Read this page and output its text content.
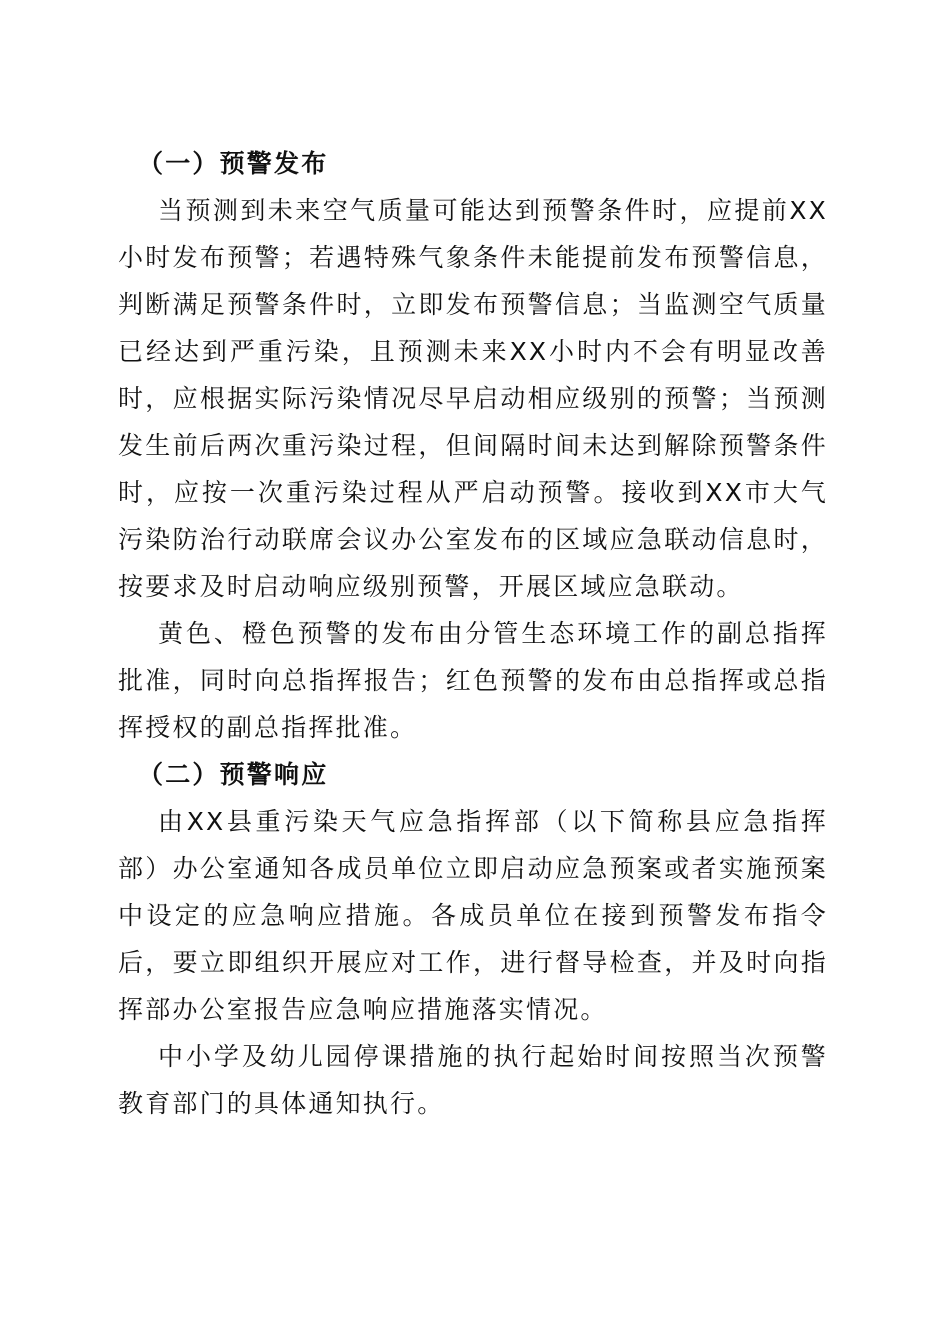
（一）预警发布

当预测到未来空气质量可能达到预警条件时，应提前XX小时发布预警；若遇特殊气象条件未能提前发布预警信息，判断满足预警条件时，立即发布预警信息；当监测空气质量已经达到严重污染，且预测未来XX小时内不会有明显改善时，应根据实际污染情况尽早启动相应级别的预警；当预测发生前后两次重污染过程，但间隔时间未达到解除预警条件时，应按一次重污染过程从严启动预警。接收到XX市大气污染防治行动联席会议办公室发布的区域应急联动信息时，按要求及时启动响应级别预警，开展区域应急联动。

黄色、橙色预警的发布由分管生态环境工作的副总指挥批准，同时向总指挥报告；红色预警的发布由总指挥或总指挥授权的副总指挥批准。

（二）预警响应

由XX县重污染天气应急指挥部（以下简称县应急指挥部）办公室通知各成员单位立即启动应急预案或者实施预案中设定的应急响应措施。各成员单位在接到预警发布指令后，要立即组织开展应对工作，进行督导检查，并及时向指挥部办公室报告应急响应措施落实情况。

中小学及幼儿园停课措施的执行起始时间按照当次预警教育部门的具体通知执行。
